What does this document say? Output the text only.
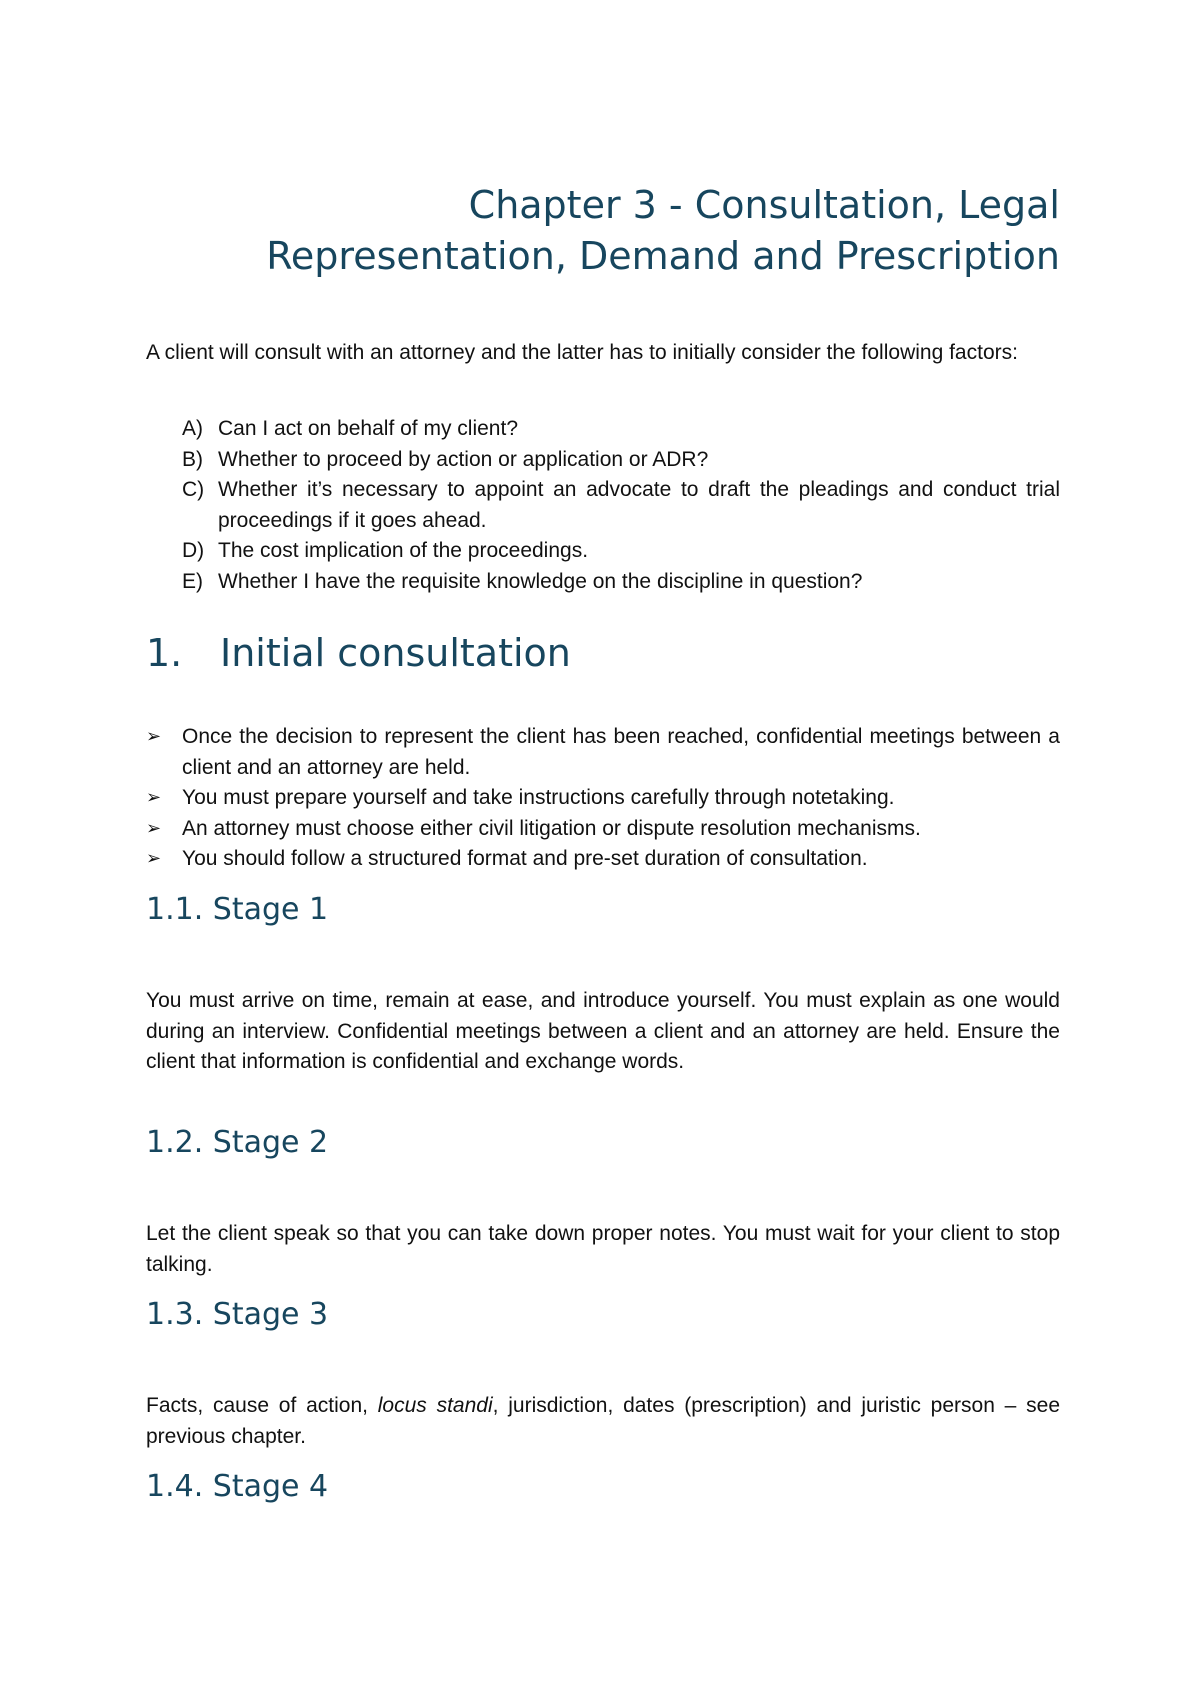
Chapter 3 - Consultation, Legal
Representation, Demand and Prescription

A client will consult with an attorney and the latter has to initially consider the following factors:

A) Can I act on behalf of my client?
B) Whether to proceed by action or application or ADR?
C) Whether it’s necessary to appoint an advocate to draft the pleadings and conduct trial proceedings if it goes ahead.
D) The cost implication of the proceedings.
E) Whether I have the requisite knowledge on the discipline in question?
1. Initial consultation
➢ Once the decision to represent the client has been reached, confidential meetings between a client and an attorney are held.
➢ You must prepare yourself and take instructions carefully through notetaking.
➢ An attorney must choose either civil litigation or dispute resolution mechanisms.
➢ You should follow a structured format and pre-set duration of consultation.
1.1. Stage 1

You must arrive on time, remain at ease, and introduce yourself. You must explain as one would during an interview. Confidential meetings between a client and an attorney are held. Ensure the client that information is confidential and exchange words.

1.2. Stage 2

Let the client speak so that you can take down proper notes. You must wait for your client to stop talking.

1.3. Stage 3

Facts, cause of action, locus standi, jurisdiction, dates (prescription) and juristic person – see previous chapter.

1.4. Stage 4
